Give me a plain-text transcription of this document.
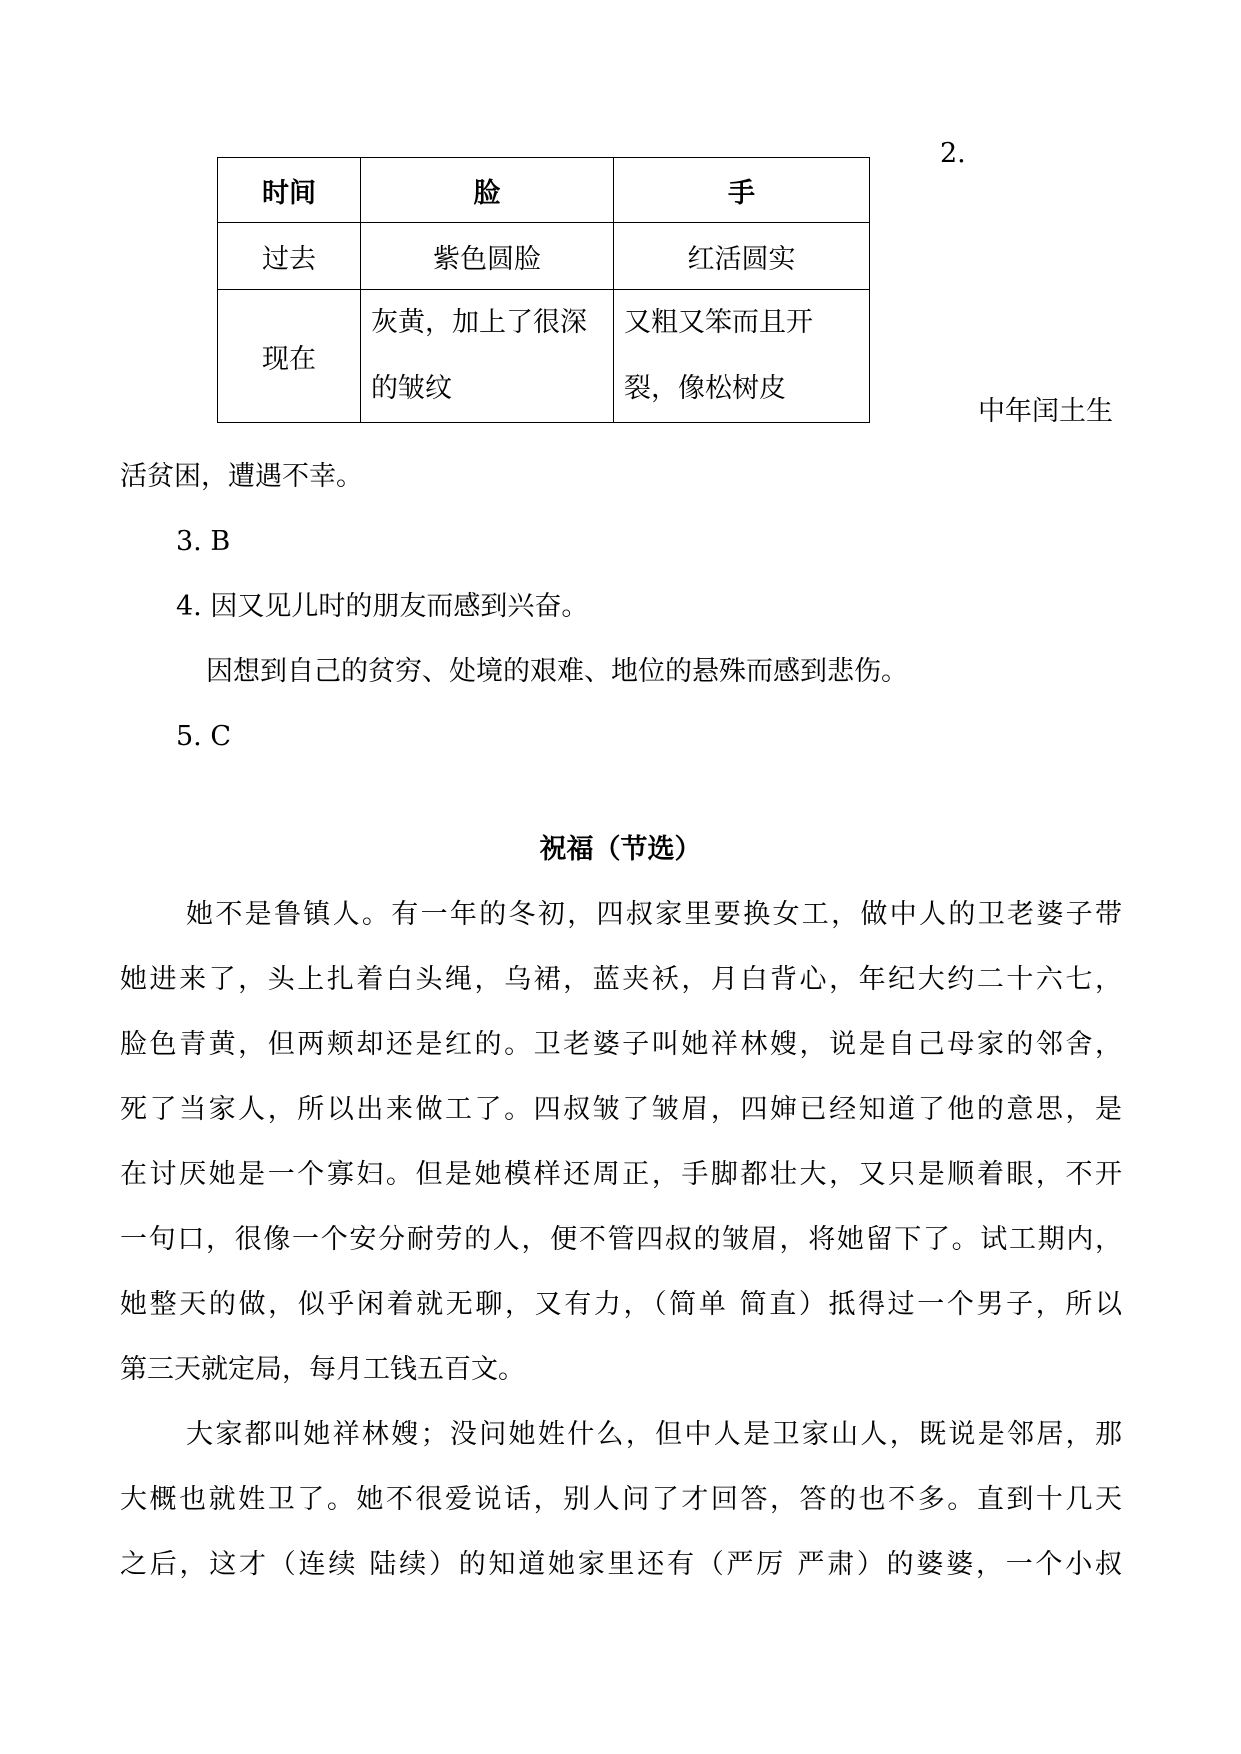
2.
时间	脸	手
过去	紫色圆脸	红活圆实
现在	灰黄，加上了很深的皱纹	又粗又笨而且开裂，像松树皮
中年闰土生
活贫困，遭遇不幸。
3. B
4. 因又见儿时的朋友而感到兴奋。
因想到自己的贫穷、处境的艰难、地位的悬殊而感到悲伤。
5. C
祝福（节选）
她不是鲁镇人。有一年的冬初，四叔家里要换女工，做中人的卫老婆子带
她进来了，头上扎着白头绳，乌裙，蓝夹袄，月白背心，年纪大约二十六七，
脸色青黄，但两颊却还是红的。卫老婆子叫她祥林嫂，说是自己母家的邻舍，
死了当家人，所以出来做工了。四叔皱了皱眉，四婶已经知道了他的意思，是
在讨厌她是一个寡妇。但是她模样还周正，手脚都壮大，又只是顺着眼，不开
一句口，很像一个安分耐劳的人，便不管四叔的皱眉，将她留下了。试工期内，
她整天的做，似乎闲着就无聊，又有力，（简单 简直）抵得过一个男子，所以
第三天就定局，每月工钱五百文。
大家都叫她祥林嫂；没问她姓什么，但中人是卫家山人，既说是邻居，那
大概也就姓卫了。她不很爱说话，别人问了才回答，答的也不多。直到十几天
之后，这才（连续 陆续）的知道她家里还有（严厉 严肃）的婆婆，一个小叔
